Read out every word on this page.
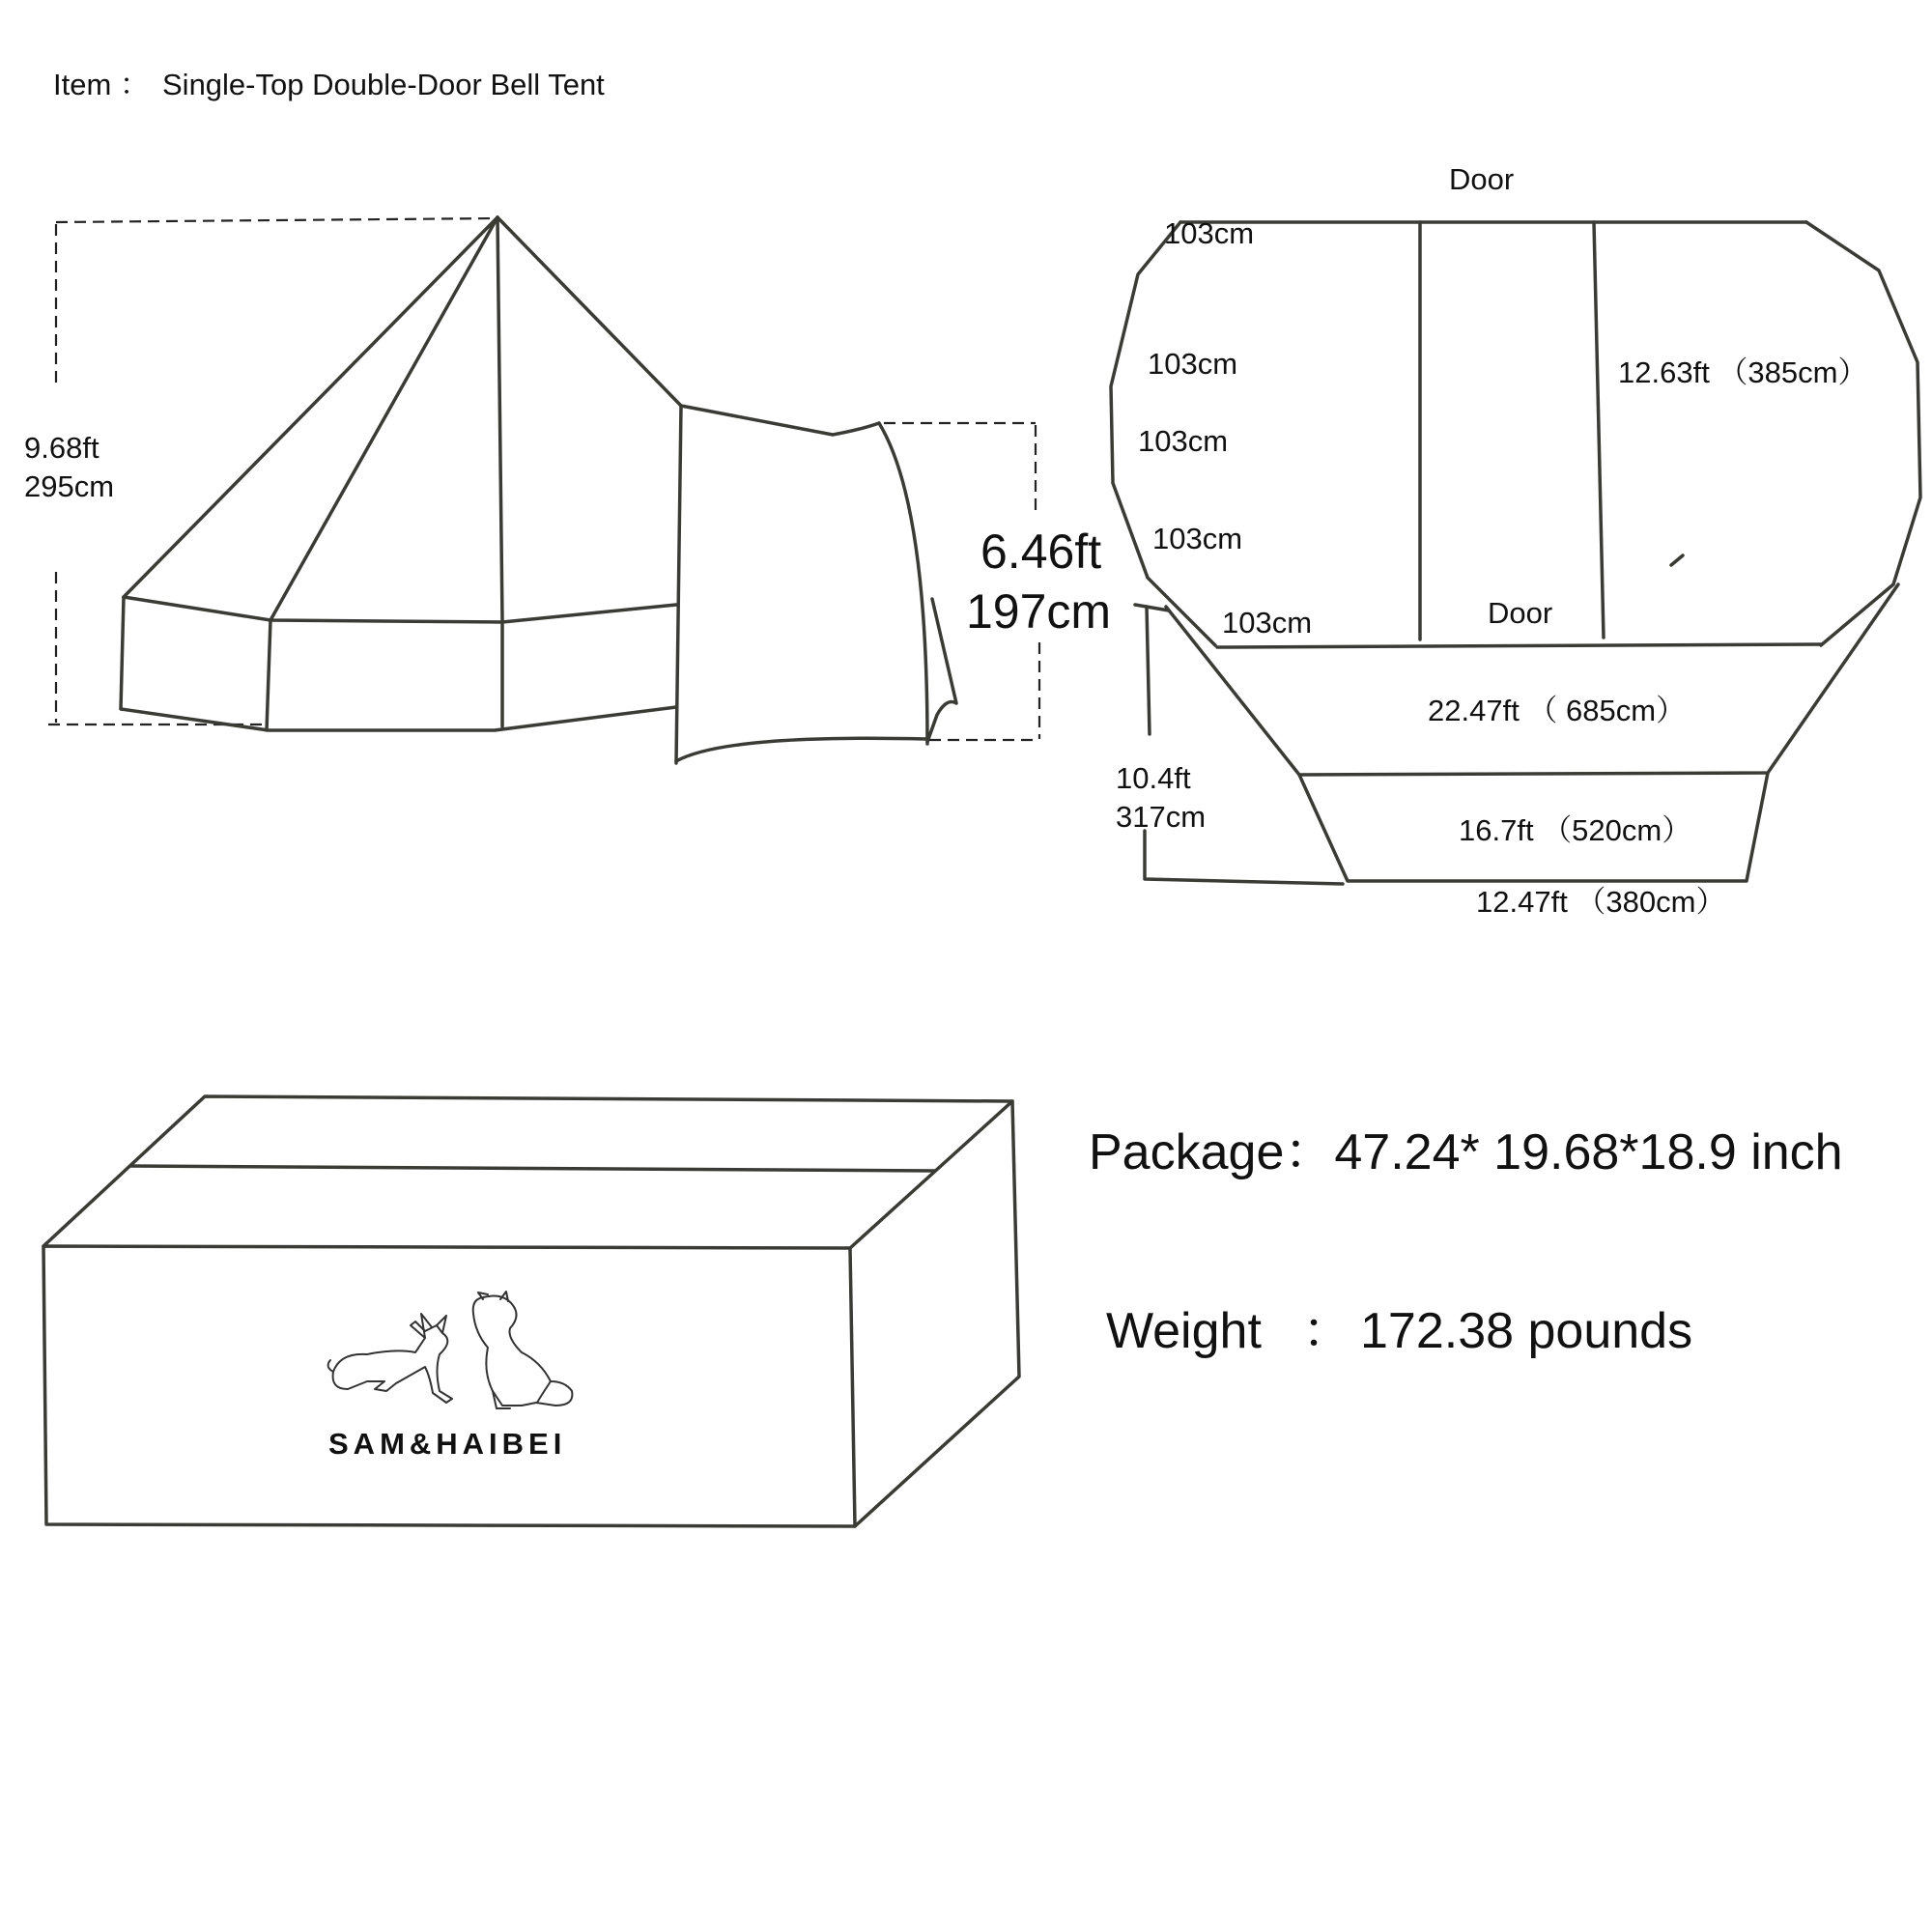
Item ： Single-Top Double-Door Bell Tent
9.68ft
295cm
6.46ft
197cm
Door
Door
103cm
103cm
103cm
103cm
103cm
12.63ft （385cm）
22.47ft （ 685cm）
16.7ft （520cm）
12.47ft （380cm）
10.4ft
317cm
SAM&HAIBEI
Package：47.24* 19.68*18.9 inch
Weight ： 172.38 pounds
